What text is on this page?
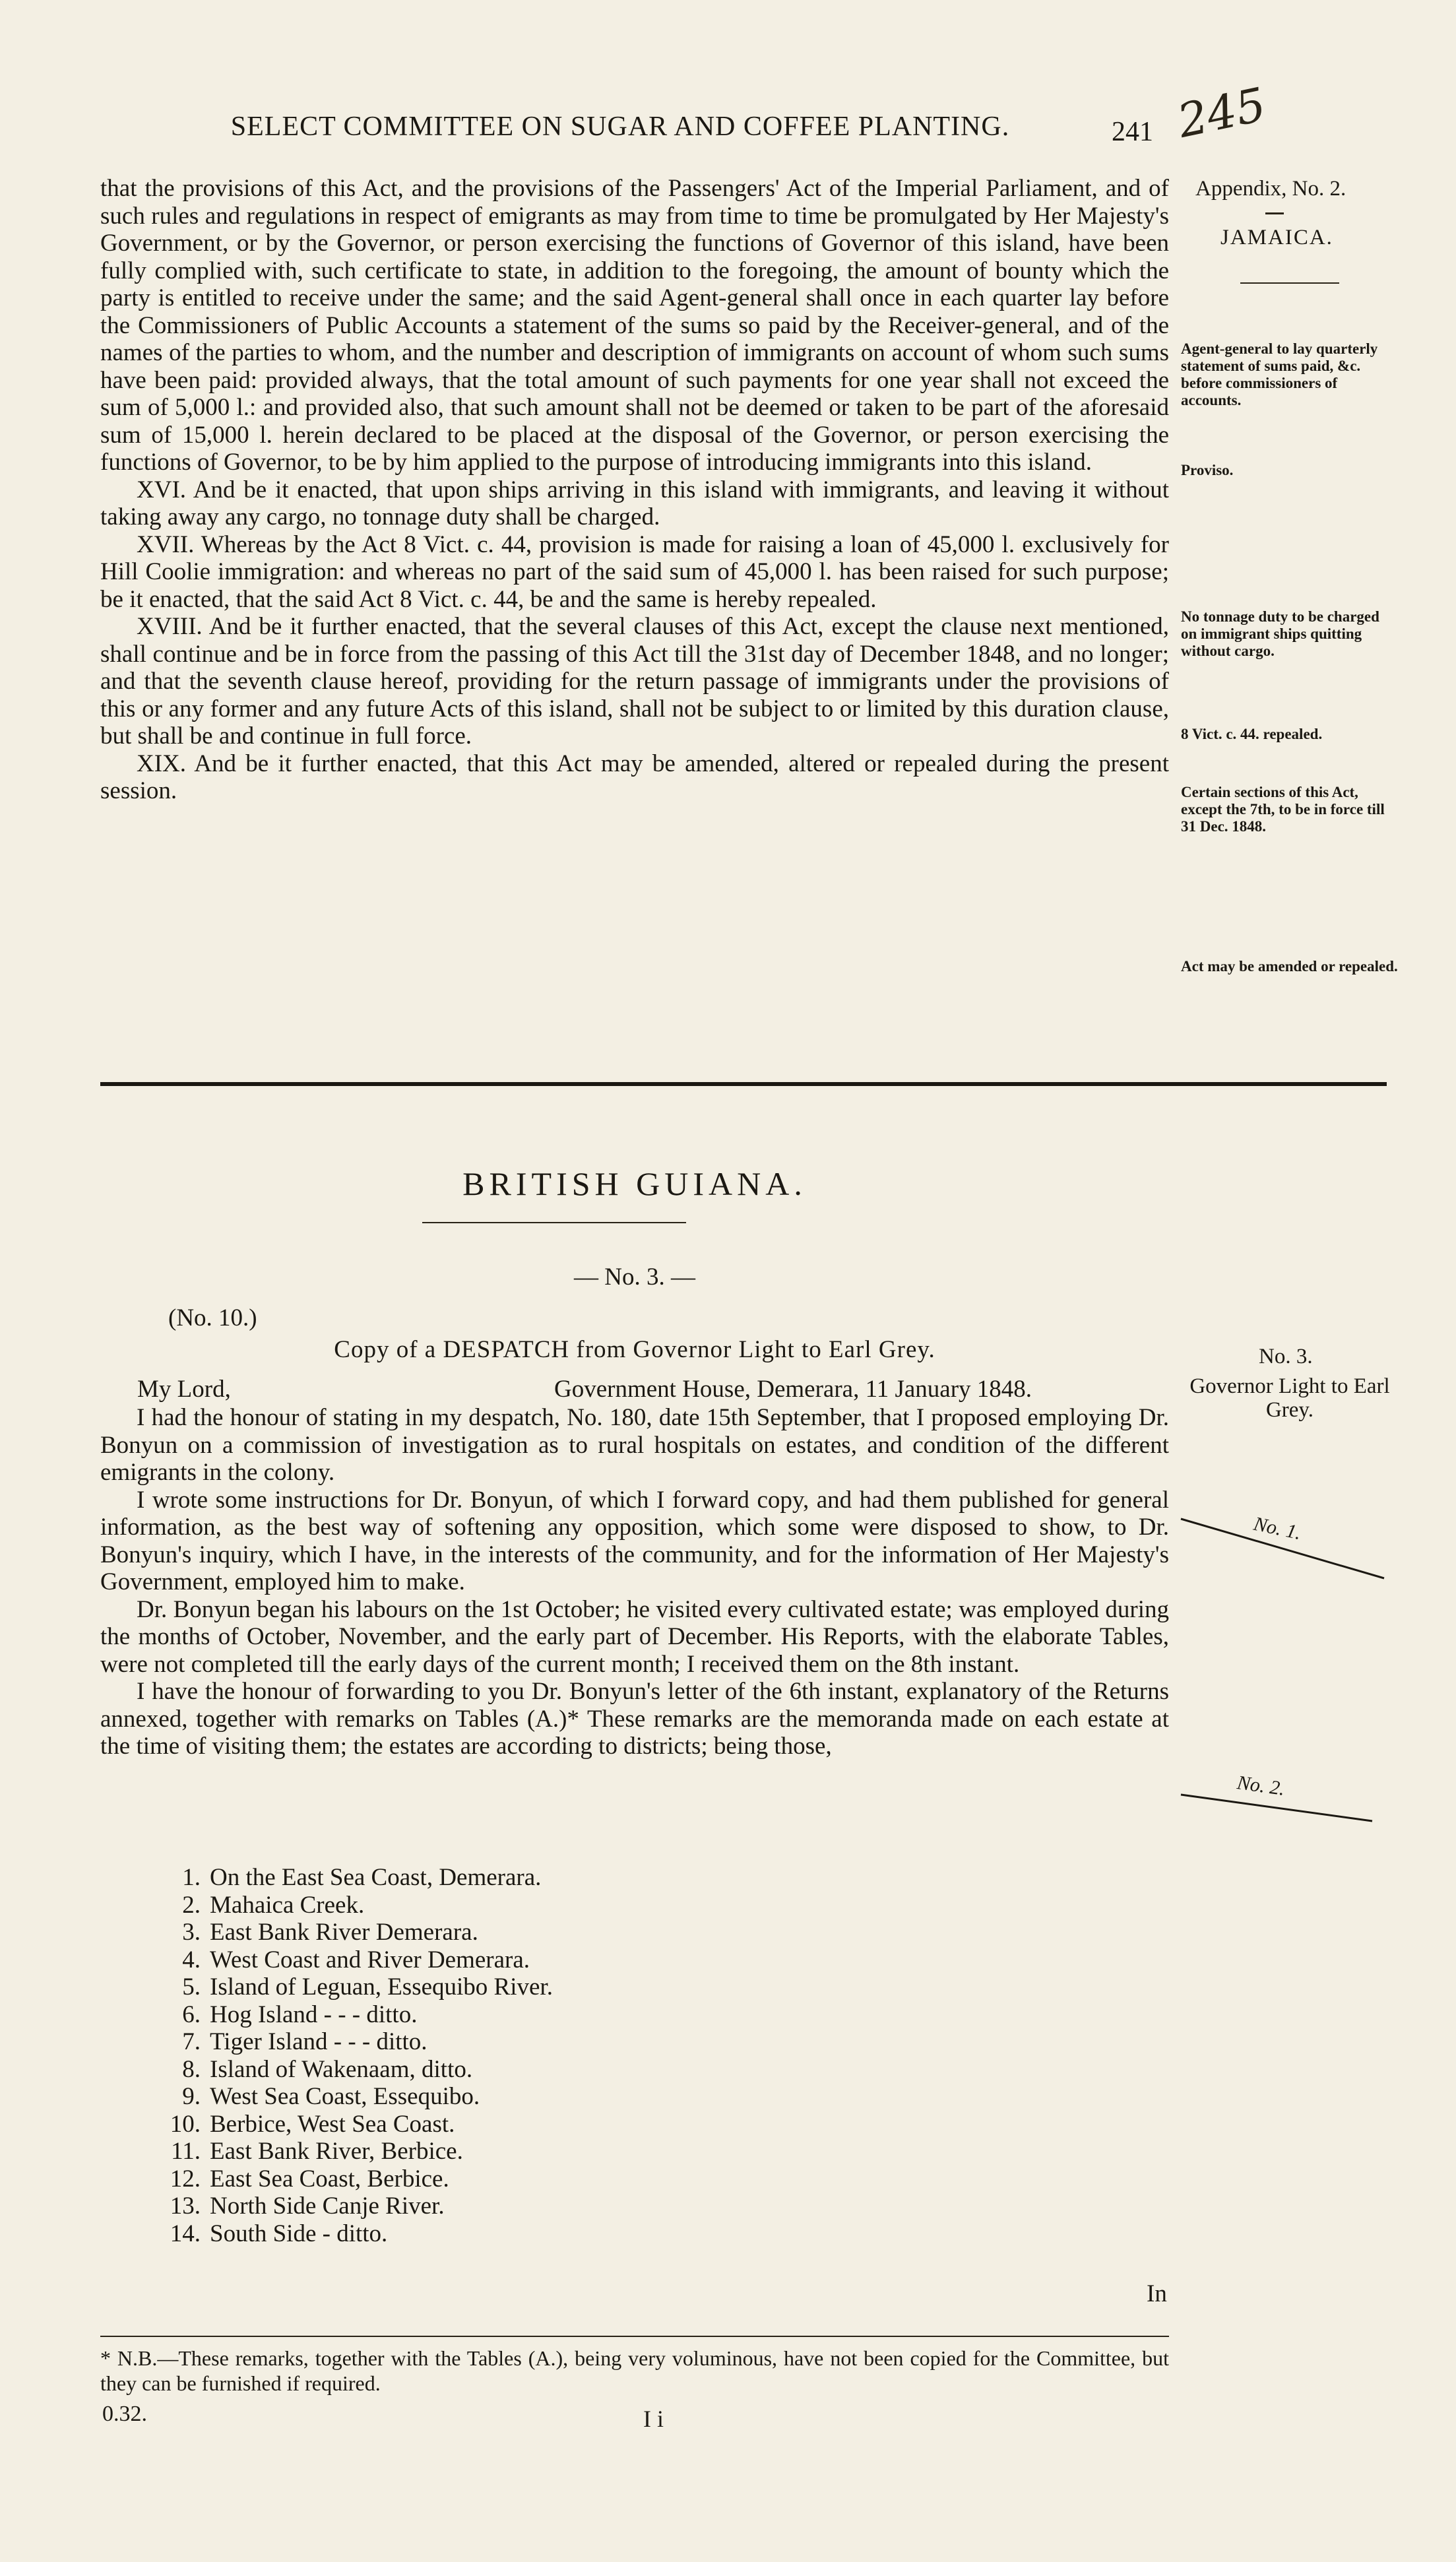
SELECT COMMITTEE ON SUGAR AND COFFEE PLANTING.	241 245
Appendix, No. 2.
JAMAICA.

that the provisions of this Act, and the provisions of the Passengers' Act of the Imperial Parliament, and of such rules and regulations in respect of emigrants as may from time to time be promulgated by Her Majesty's Government, or by the Governor, or person exercising the functions of Governor of this island, have been fully complied with, such certificate to state, in addition to the foregoing, the amount of bounty which the party is entitled to receive under the same; and the said Agent-general shall once in each quarter lay before the Commissioners of Public Accounts a statement of the sums so paid by the Receiver-general, and of the names of the parties to whom, and the number and description of immigrants on account of whom such sums have been paid: provided always, that the total amount of such payments for one year shall not exceed the sum of 5,000 l.: and provided also, that such amount shall not be deemed or taken to be part of the aforesaid sum of 15,000 l. herein declared to be placed at the disposal of the Governor, or person exercising the functions of Governor, to be by him applied to the purpose of introducing immigrants into this island.

XVI. And be it enacted, that upon ships arriving in this island with immigrants, and leaving it without taking away any cargo, no tonnage duty shall be charged.

XVII. Whereas by the Act 8 Vict. c. 44, provision is made for raising a loan of 45,000 l. exclusively for Hill Coolie immigration: and whereas no part of the said sum of 45,000 l. has been raised for such purpose; be it enacted, that the said Act 8 Vict. c. 44, be and the same is hereby repealed.

XVIII. And be it further enacted, that the several clauses of this Act, except the clause next mentioned, shall continue and be in force from the passing of this Act till the 31st day of December 1848, and no longer; and that the seventh clause hereof, providing for the return passage of immigrants under the provisions of this or any former and any future Acts of this island, shall not be subject to or limited by this duration clause, but shall be and continue in full force.

XIX. And be it further enacted, that this Act may be amended, altered or repealed during the present session.

Agent-general to lay quarterly statement of sums paid, &c. before commissioners of accounts.
Proviso.
No tonnage duty to be charged on immigrant ships quitting without cargo.
8 Vict. c. 44. repealed.
Certain sections of this Act, except the 7th, to be in force till 31 Dec. 1848.
Act may be amended or repealed.
BRITISH GUIANA.
— No. 3. —
(No. 10.)
Copy of a DESPATCH from Governor Light to Earl Grey.
My Lord,	Government House, Demerara, 11 January 1848.

I had the honour of stating in my despatch, No. 180, date 15th September, that I proposed employing Dr. Bonyun on a commission of investigation as to rural hospitals on estates, and condition of the different emigrants in the colony.

I wrote some instructions for Dr. Bonyun, of which I forward copy, and had them published for general information, as the best way of softening any opposition, which some were disposed to show, to Dr. Bonyun's inquiry, which I have, in the interests of the community, and for the information of Her Majesty's Government, employed him to make.

Dr. Bonyun began his labours on the 1st October; he visited every cultivated estate; was employed during the months of October, November, and the early part of December. His Reports, with the elaborate Tables, were not completed till the early days of the current month; I received them on the 8th instant.

I have the honour of forwarding to you Dr. Bonyun's letter of the 6th instant, explanatory of the Returns annexed, together with remarks on Tables (A.)* These remarks are the memoranda made on each estate at the time of visiting them; the estates are according to districts; being those,

No. 3.
Governor Light to Earl Grey.
No. 1.
No. 2.
1. On the East Sea Coast, Demerara.
2. Mahaica Creek.
3. East Bank River Demerara.
4. West Coast and River Demerara.
5. Island of Leguan, Essequibo River.
6. Hog Island - - - ditto.
7. Tiger Island - - - ditto.
8. Island of Wakenaam, ditto.
9. West Sea Coast, Essequibo.
10. Berbice, West Sea Coast.
11. East Bank River, Berbice.
12. East Sea Coast, Berbice.
13. North Side Canje River.
14. South Side - ditto.
In

* N.B.—These remarks, together with the Tables (A.), being very voluminous, have not been copied for the Committee, but they can be furnished if required.

0.32.	I i
